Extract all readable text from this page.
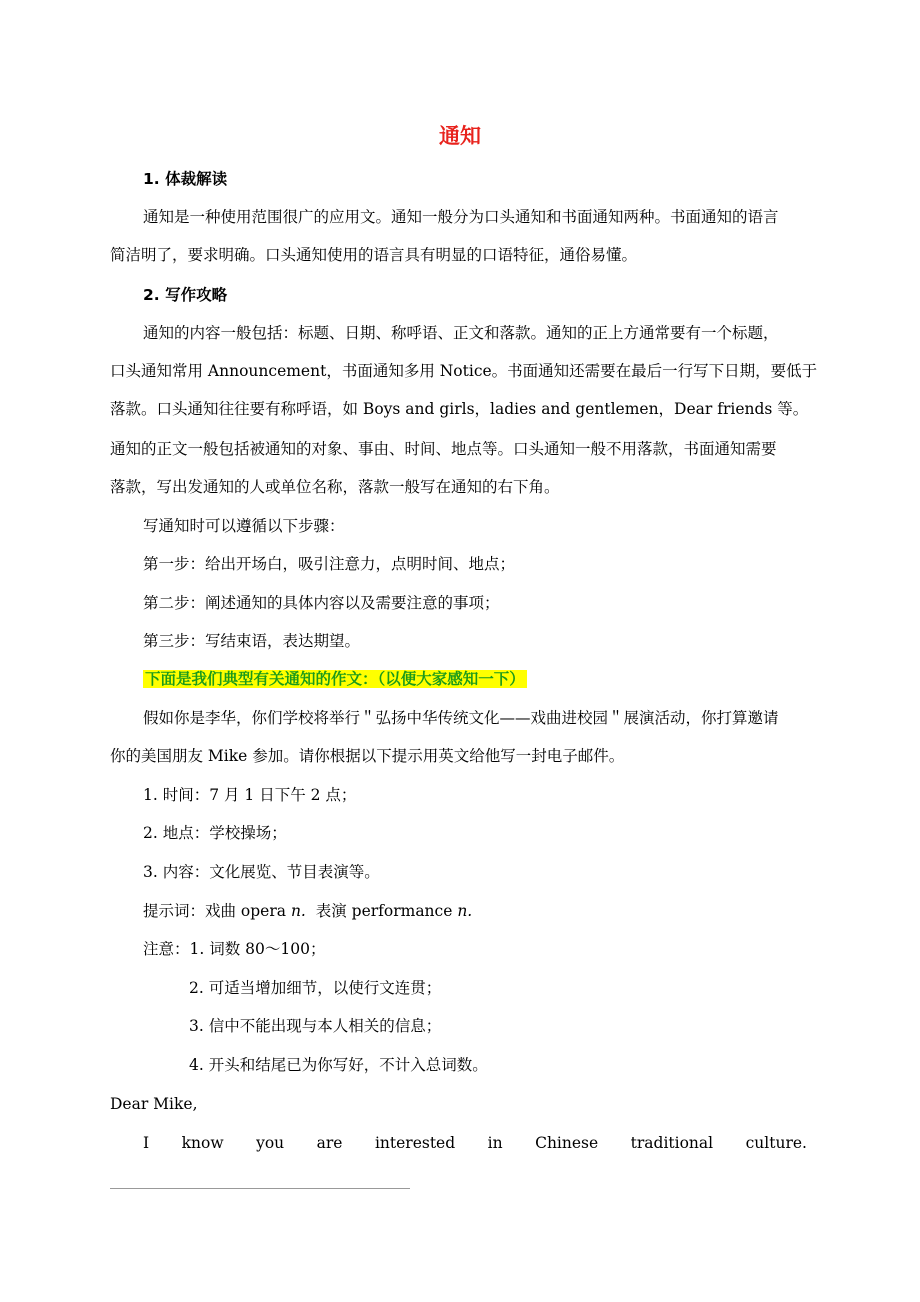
通知
1. 体裁解读
通知是一种使用范围很广的应用文。通知一般分为口头通知和书面通知两种。书面通知的语言
简洁明了，要求明确。口头通知使用的语言具有明显的口语特征，通俗易懂。
2. 写作攻略
通知的内容一般包括：标题、日期、称呼语、正文和落款。通知的正上方通常要有一个标题，
口头通知常用 Announcement，书面通知多用 Notice。书面通知还需要在最后一行写下日期，要低于
落款。口头通知往往要有称呼语，如 Boys and girls，ladies and gentlemen，Dear friends 等。
通知的正文一般包括被通知的对象、事由、时间、地点等。口头通知一般不用落款，书面通知需要
落款，写出发通知的人或单位名称，落款一般写在通知的右下角。
写通知时可以遵循以下步骤：
第一步：给出开场白，吸引注意力，点明时间、地点；
第二步：阐述通知的具体内容以及需要注意的事项；
第三步：写结束语，表达期望。
下面是我们典型有关通知的作文：（以便大家感知一下）
假如你是李华，你们学校将举行＂弘扬中华传统文化——戏曲进校园＂展演活动，你打算邀请
你的美国朋友 Mike 参加。请你根据以下提示用英文给他写一封电子邮件。
1. 时间：7 月 1 日下午 2 点；
2. 地点：学校操场；
3. 内容：文化展览、节目表演等。
提示词：戏曲 opera n.  表演 performance n.
注意：1. 词数 80～100；
2. 可适当增加细节，以使行文连贯；
3. 信中不能出现与本人相关的信息；
4. 开头和结尾已为你写好，不计入总词数。
Dear Mike,
I know you are interested in Chinese traditional culture.
